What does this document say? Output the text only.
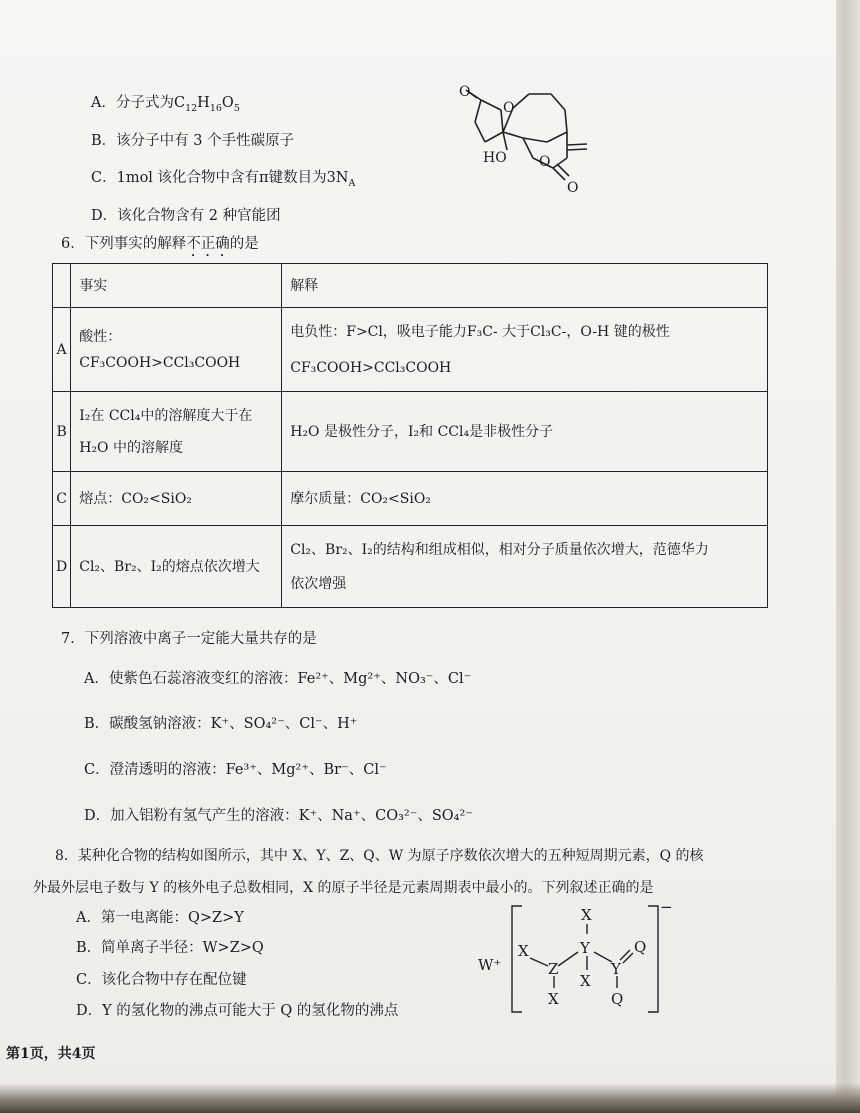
A．分子式为$C_{12}H_{16}O_5$
B．该分子中有 3 个手性碳原子
C．1mol 该化合物中含有π键数目为$3N_A$
D．该化合物含有 2 种官能团
O
O
HO O
O
6．下列事实的解释不正确的是
	事实	解释
A	酸性：CF₃COOH>CCl₃COOH	电负性：F>Cl，吸电子能力F₃C- 大于Cl₃C-，O-H 键的极性
CF₃COOH>CCl₃COOH

B	I₂在 CCl₄中的溶解度大于在
H₂O 中的溶解度	H₂O 是极性分子，I₂和 CCl₄是非极性分子
C	熔点：CO₂<SiO₂	摩尔质量：CO₂<SiO₂
D	Cl₂、Br₂、I₂的熔点依次增大	Cl₂、Br₂、I₂的结构和组成相似，相对分子质量依次增大，范德华力
依次增强
7．下列溶液中离子一定能大量共存的是
A．使紫色石蕊溶液变红的溶液：Fe²⁺、Mg²⁺、NO₃⁻、Cl⁻
B．碳酸氢钠溶液：K⁺、SO₄²⁻、Cl⁻、H⁺
C．澄清透明的溶液：Fe³⁺、Mg²⁺、Br⁻、Cl⁻
D．加入铝粉有氢气产生的溶液：K⁺、Na⁺、CO₃²⁻、SO₄²⁻
8．某种化合物的结构如图所示，其中 X、Y、Z、Q、W 为原子序数依次增大的五种短周期元素，Q 的核
外最外层电子数与 Y 的核外电子总数相同，X 的原子半径是元素周期表中最小的。下列叙述正确的是
A．第一电离能：Q>Z>Y
B．简单离子半径：W>Z>Q
C．该化合物中存在配位键
D．Y 的氢化物的沸点可能大于 Q 的氢化物的沸点
W⁺
−
X
Y
X
Z
X
X
Y
Q
Q
第1页，共4页
